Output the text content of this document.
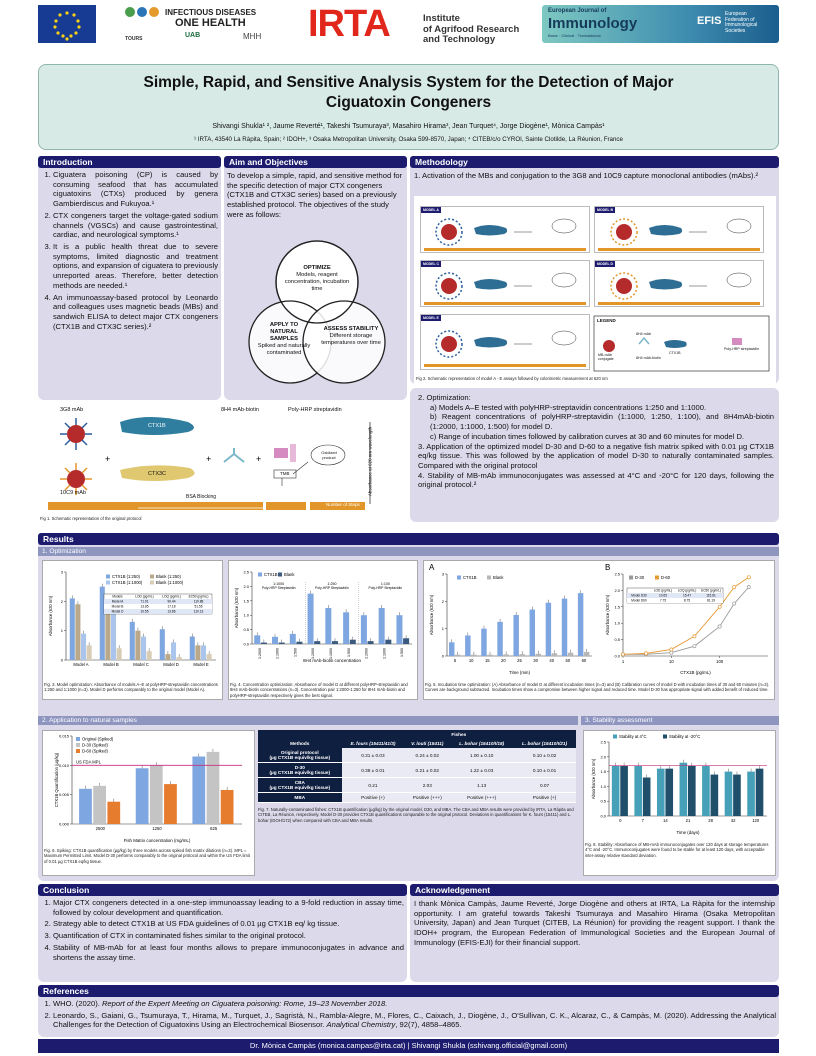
INFECTIOUS DISEASES
ONE HEALTH
TOURS	UAB	MHH IRTA	Institute
of Agrifood Research
and Technology
European Journal of
Immunology
Basic · Clinical · Translational
EFIS
European
Federation of
Immunological
Societies
Simple, Rapid, and Sensitive Analysis System for the Detection of Major
Ciguatoxin Congeners
Shivangi Shukla¹ ², Jaume Reverté¹, Takeshi Tsumuraya³, Masahiro Hirama³, Jean Turquet⁴, Jorge Diogène¹, Mònica Campàs¹
¹ IRTA, 43540 La Ràpita, Spain; ² IDOH+, ³ Osaka Metropolitan University, Osaka 599-8570, Japan; ⁴ CITEB/c/o CYROI, Sainte Clotilde, La Réunion, France
Introduction
1. Ciguatera poisoning (CP) is caused by consuming seafood that has accumulated ciguatoxins (CTXs) produced by genera Gambierdiscus and Fukuyoa.¹
2. CTX congeners target the voltage-gated sodium channels (VGSCs) and cause gastrointestinal, cardiac, and neurological symptoms.¹
3. It is a public health threat due to severe symptoms, limited diagnostic and treatment options, and expansion of ciguatera to previously unreported areas. Therefore, better detection methods are needed.¹
4. An immunoassay-based protocol by Leonardo and colleagues uses magnetic beads (MBs) and sandwich ELISA to detect major CTX congeners (CTX1B and CTX3C series).²
Aim and Objectives
To develop a simple, rapid, and sensitive method for the specific detection of major CTX congeners (CTX1B and CTX3C series) based on a previously established protocol. The objectives of the study were as follows:
OPTIMIZE
Models, reagent concentration, incubation time
APPLY TO NATURAL SAMPLES
Spiked and naturally contaminated
ASSESS STABILITY
Different storage temperatures over time
+	+	+
3G8 mAb
10C9 mAb
CTX1B
CTX3C
8H4 mAb-biotin	Poly-HRP streptavidin
TMB
Oxidized product
BSA Blocking
Number of Steps
Absorbance at 620 nm wavelength
Fig 1. Schematic representation of the original protocol
Methodology
1. Activation of the MBs and conjugation to the 3G8 and 10C9 capture monoclonal antibodies (mAbs).²
MODEL A	MODEL B
MODEL C	MODEL D
MODEL E	LEGEND
MB-mAb conjugate
CTX1B
Poly-HRP streptavidin
8H4 mAb
8H4 mAb-biotin
Fig 2. Schematic representation of model A - E assays followed by colorimetric measurement at 620 nm
2. Optimization:
a) Models A–E tested with polyHRP-streptavidin concentrations 1:250 and 1:1000.
b) Reagent concentrations of polyHRP-streptavidin (1:1000, 1:250, 1:100), and 8H4mAb-biotin (1:2000, 1:1000, 1:500) for model D.
c) Range of incubation times followed by calibration curves at 30 and 60 minutes for model D.
3. Application of the optimized model D-30 and D-60 to a negative fish matrix spiked with 0.01 µg CTX1B eq/kg tissue. This was followed by the application of model D-30 to naturally contaminated samples. Compared with the original protocol
4. Stability of MB-mAb immunoconjugates was assessed at 4°C and -20°C for 120 days, following the original protocol.²
Results
1. Optimization
0
1
2
3
Absorbance (620 nm)
Model A	Model B	Model C	Model D	Model E
CTX1B (1:250)	Blank (1:250)
CTX1B (1:1000)	Blank (1:1000)
Models	LOD (pg/mL)	LOQ (pg/mL) EC50 (pg/mL)
Model A	71.91	90.44	110.88
Model B	13.85	17.18	51.56
Model D	10.55	13.86	110.13
Fig. 3. Model optimization: Absorbance of models A–E at polyHRP-streptavidin concentrations 1:250 and 1:1000 (n=3). Model D performs comparably to the original model (Model A).
0.0
0.5
1.0
1.5
2.0
2.5
Absorbance (620 nm)
8H4 mAb-biotin concentration
1:2000	1:1000	1:500	1:2000	1:1000	1:500	1:2000	1:1000	1:500
CTX1B Blank
1:1000
Poly-HRP Streptavidin
1:250
Poly-HRP Streptavidin
1:100
Poly-HRP Streptavidin
Fig. 4. Concentration optimization: Absorbance of model D at different polyHRP-streptavidin and 8H4 mAb-biotin concentrations (n=3). Concentration pair 1:2000-1:250 for 8H4 mAb-biotin and polyHRP-streptavidin respectively gives the best signal.
0
1
2
3
Absorbance (620 nm)
Time (min)
5	10	15	20	25	30	40	50	60
CTX1B	Blank
A
0.0
0.5
1.0
1.5
2.0
2.5
Absorbance (620 nm)
CTX1B (pg/mL)
B
D-30	D-60
1	10	100
LOD (pg/mL) LOQ (pg/mL) EC50 (pg/mL)
Model D30	10.65	15.47	115.81
Model D60	7.75	8.75	81.19
Fig. 5. Incubation time optimization: (A) Absorbance of model D at different incubation times (n=3) and (B) Calibration curves of model D with incubation times of 30 and 60 minutes (n=3). Curves are background subtracted. Incubation times show a compromise between higher signal and reduced time. Model D-30 has appropriate signal with added benefit of reduced time.
2. Application to natural samples	3. Stability assessment
0.000
0.005
0.010
0.015
CTX1B Quantification (µg/kg)
Fish Matrix concentration (mg/mL)
2500	1250	625
Original (Spiked)
D-30 (Spiked)
D-60 (Spiked)
US FDA MPL
Fig. 6. Spiking: CTX1B quantification (µg/kg) by three models across spiked fish matrix dilutions (n=3). MPL = Maximum Permitted Limit. Model D-30 performs comparably to the original protocol and within the US FDA limit of 0.01 µg CTX1B eq/kg tissue.
	Fishes			
Methods	E. fours (15411/41/3)	V. louti (15411)	L. bohar (15410/I/18)	L. bohar (15410/I/21)

Original protocol
(µg CTX1B equiv/kg tissue)	0.31 ± 0.03	0.24 ± 0.02	1.00 ± 0.10	0.10 ± 0.02

D-30
(µg CTX1B equiv/kg tissue)	0.38 ± 0.01	0.21 ± 0.02	1.22 ± 0.03	0.10 ± 0.01

CBA
(µg CTX1B equiv/kg tissue)	0.21	2.03	1.13	0.07

MBA	Positive (+)	Positive (+++)	Positive (+++)	Positive (+)
Fig. 7. Naturally-contaminated fishes: CTX1B quantification (µg/kg) by the original model, D30, and MBA. The CBA and MBA results were provided by IRTA, La Ràpita and CITEB, La Réunion, respectively. Model D-30 provides CTX1B quantifications comparable to the original protocol. Deviations in quantifications for K. fours (15411) and L. bohar (IDOH/172) when compared with CBA and MBA results.
0.0
0.5
1.0
1.5
2.0
2.5
Absorbance (620 nm)
Time (days)
0	7	14	21	28	42	120
Stability at 4°C	Stability at -20°C
Fig. 8. Stability: Absorbance of MB-mAb immunoconjugates over 120 days at storage temperatures 4°C and -20°C. Immunoconjugates were found to be stable for at least 120 days, with acceptable inter-assay relative standard deviation.
Conclusion
1. Major CTX congeners detected in a one-step immunoassay leading to a 9-fold reduction in assay time, followed by colour development and quantification.
2. Strategy able to detect CTX1B at US FDA guidelines of 0.01 µg CTX1B eq/ kg tissue.
3. Quantification of CTX in contaminated fishes similar to the original protocol.
4. Stability of MB-mAb for at least four months allows to prepare immunoconjugates in advance and shortens the assay time.
Acknowledgement
I thank Mònica Campàs, Jaume Reverté, Jorge Diogène and others at IRTA, La Ràpita for the internship opportunity. I am grateful towards Takeshi Tsumuraya and Masahiro Hirama (Osaka Metropolitan University, Japan) and Jean Turquet (CITEB, La Réunion) for providing the reagent support. I thank the IDOH+ program, the European Federation of Immunological Societies and the European Journal of Immunology (EFIS-EJI) for their financial support.
References
1. WHO. (2020). Report of the Expert Meeting on Ciguatera poisoning: Rome, 19–23 November 2018.
2. Leonardo, S., Gaiani, G., Tsumuraya, T., Hirama, M., Turquet, J., Sagristà, N., Rambla-Alegre, M., Flores, C., Caixach, J., Diogène, J., O'Sullivan, C. K., Alcaraz, C., & Campàs, M. (2020). Addressing the Analytical Challenges for the Detection of Ciguatoxins Using an Electrochemical Biosensor. Analytical Chemistry, 92(7), 4858–4865.
Dr. Mònica Campàs (monica.campas@irta.cat) | Shivangi Shukla (sshivang.official@gmail.com)
